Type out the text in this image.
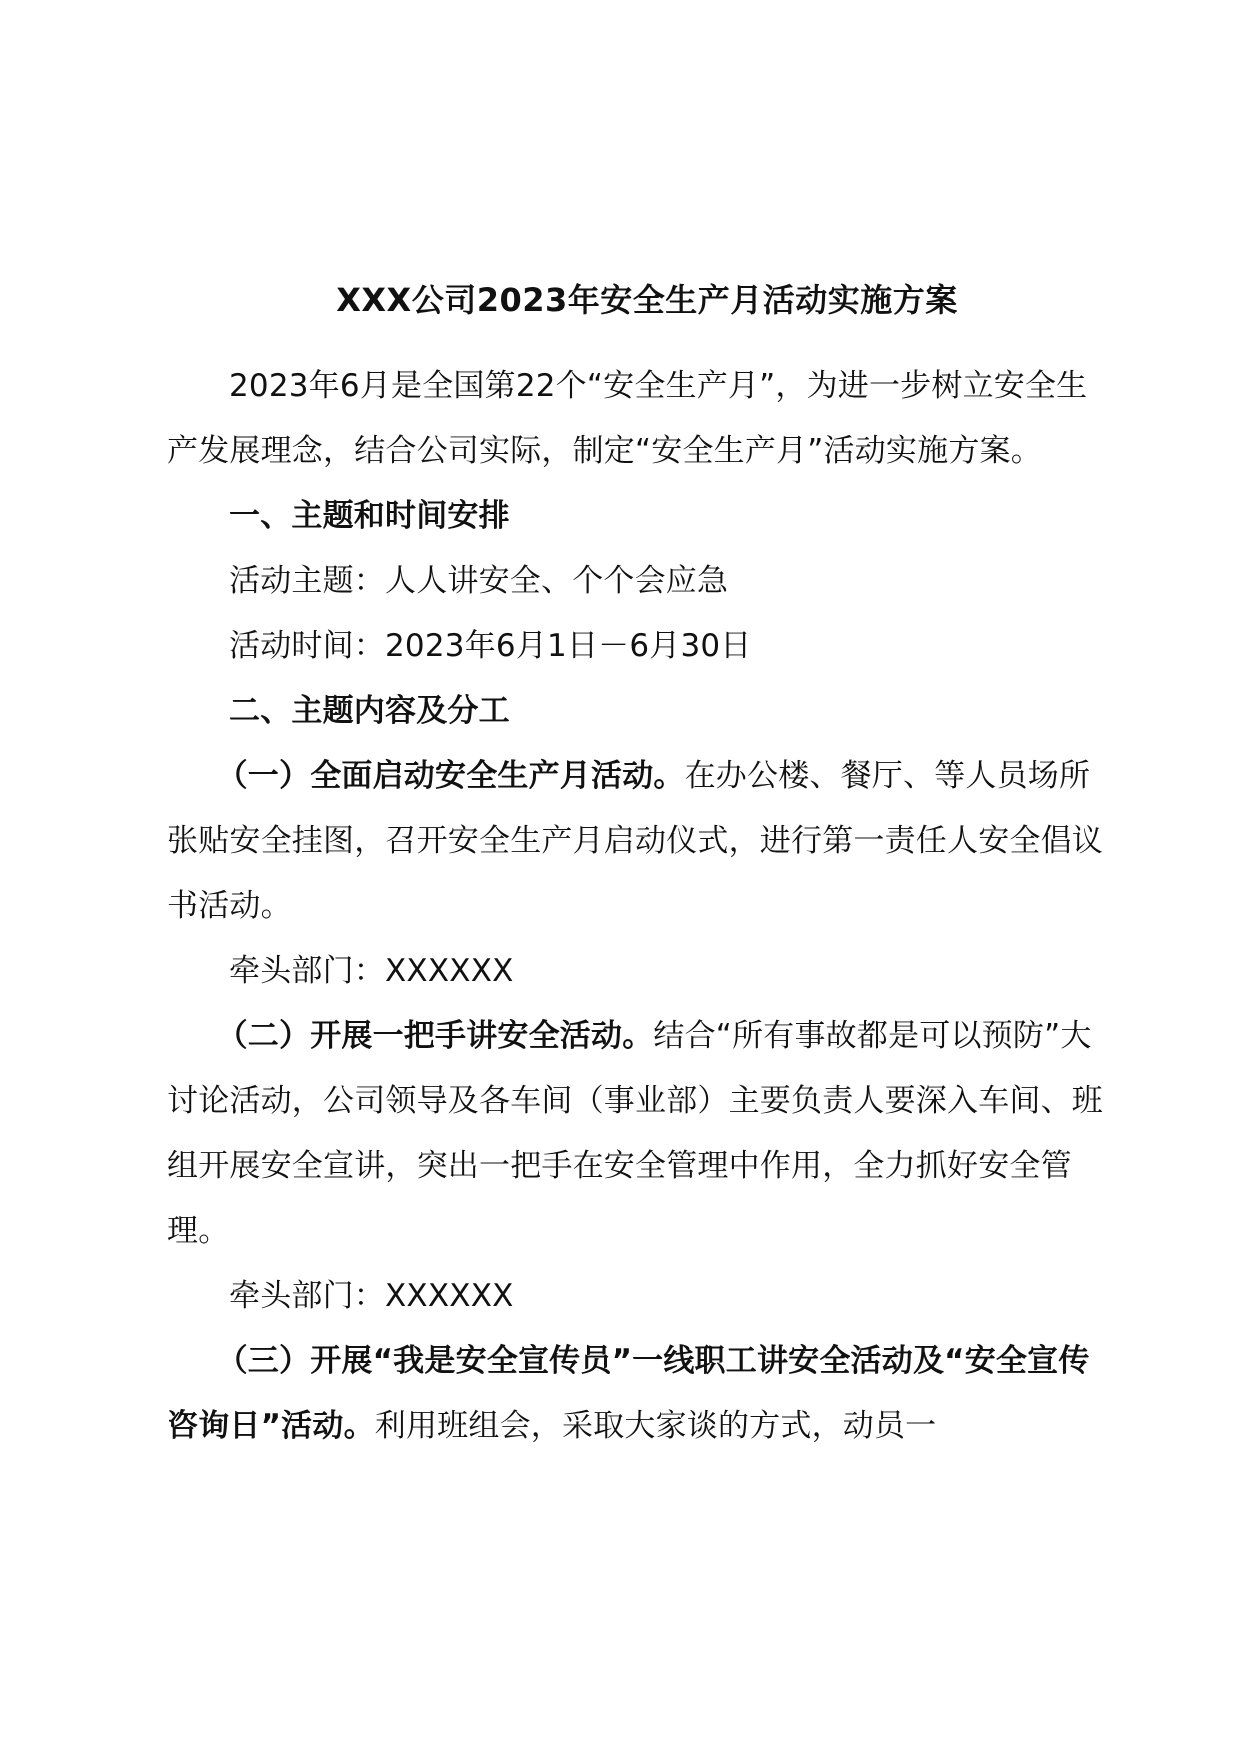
XXX公司2023年安全生产月活动实施方案

2023年6月是全国第22个“安全生产月”，为进一步树立安全生产发展理念，结合公司实际，制定“安全生产月”活动实施方案。

一、主题和时间安排

活动主题：人人讲安全、个个会应急

活动时间：2023年6月1日－6月30日

二、主题内容及分工

（一）全面启动安全生产月活动。在办公楼、餐厅、等人员场所张贴安全挂图，召开安全生产月启动仪式，进行第一责任人安全倡议书活动。

牵头部门：XXXXXX

（二）开展一把手讲安全活动。结合“所有事故都是可以预防”大讨论活动，公司领导及各车间（事业部）主要负责人要深入车间、班组开展安全宣讲，突出一把手在安全管理中作用，全力抓好安全管理。

牵头部门：XXXXXX

（三）开展“我是安全宣传员”一线职工讲安全活动及“安全宣传咨询日”活动。利用班组会，采取大家谈的方式，动员一
